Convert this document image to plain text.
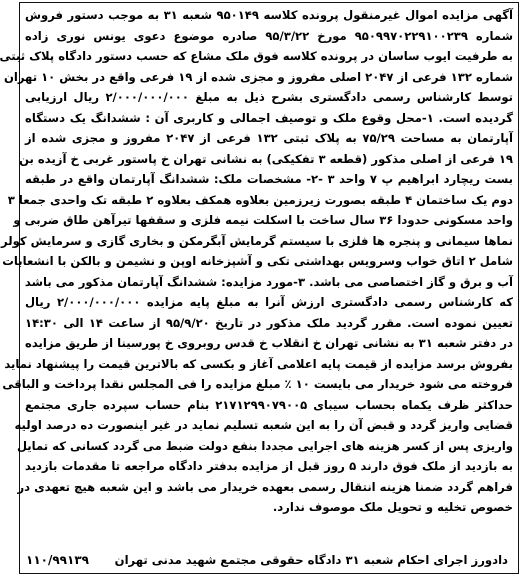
آگهی مزایده اموال غیرمنقول پرونده کلاسه ۹۵۰۱۴۹ شعبه ۳۱ به موجب دستور فروش
شماره ۹۵۰۹۹۷۰۲۲۹۱۰۰۲۳۹ مورخ ۹۵/۳/۲۲ صادره موضوع دعوی یونس نوری زاده
به طرفیت ایوب ساسان در پرونده کلاسه فوق ملک مشاع که حسب دستور دادگاه پلاک ثبتی
شماره ۱۳۲ فرعی از ۲۰۴۷ اصلی مفروز و مجزی شده از ۱۹ فرعی واقع در بخش ۱۰ تهران
توسط کارشناس رسمی دادگستری بشرح ذیل به مبلغ ۲/۰۰۰/۰۰۰/۰۰۰ ریال ارزیابی
گردیده است. ۱-محل وقوع ملک و توصیف اجمالی و کاربری آن : ششدانگ یک دستگاه
آپارتمان به مساحت ۷۵/۲۹ به پلاک ثبتی ۱۳۲ فرعی از ۲۰۴۷ مفروز و مجزی شده از
۱۹ فرعی از اصلی مذکور (قطعه ۳ تفکیکی) به نشانی تهران خ پاستور غربی خ آزیده بن
بست ریچارد ابراهیم پ ۷ واحد ۳ -۲- مشخصات ملک: ششدانگ آپارتمان واقع در طبقه
دوم یک ساختمان ۴ طبقه بصورت زیرزمین بعلاوه همکف بعلاوه ۲ طبقه تک واحدی جمعا ۳
واحد مسکونی حدودا ۳۶ سال ساخت با اسکلت نیمه فلزی و سقفها تیرآهن طاق ضربی و
نماها سیمانی و پنجره ها فلزی با سیستم گرمایش آبگرمکن و بخاری گازی و سرمایش کولر
شامل ۲ اتاق خواب وسرویس بهداشتی تکی و آشپزخانه اوپن و نشیمن و بالکن با انشعابات
آب و برق و گاز اختصاصی می باشد. ۳-مورد مزایده: ششدانگ آپارتمان مذکور می باشد
که کارشناس رسمی دادگستری ارزش آنرا به مبلغ پایه مزایده ۲/۰۰۰/۰۰۰/۰۰۰ ریال
تعیین نموده است. مقرر گردید ملک مذکور در تاریخ ۹۵/۹/۲۰ از ساعت ۱۴ الی ۱۴:۳۰
در دفتر شعبه ۳۱ به نشانی تهران خ انقلاب خ قدس روبروی خ پورسینا از طریق مزایده
بفروش برسد مزایده از قیمت پایه اعلامی آغاز و بکسی که بالاترین قیمت را پیشنهاد نماید
فروخته می شود خریدار می بایست ۱۰ ٪ مبلغ مزایده را فی المجلس نقدا پرداخت و الباقی
حداکثر ظرف یکماه بحساب سیبای ۲۱۷۱۲۹۹۰۷۹۰۰۵ بنام حساب سپرده جاری مجتمع
قضایی واریز گردد و قبض آن را به این شعبه تسلیم نماید در غیر اینصورت ده درصد اولیه
واریزی پس از کسر هزینه های اجرایی مجددا بنفع دولت ضبط می گردد کسانی که تمایل
به بازدید از ملک فوق دارند ۵ روز قبل از مزایده بدفتر دادگاه مراجعه تا مقدمات بازدید
فراهم گردد ضمنا هزینه انتقال رسمی بعهده خریدار می باشد و این شعبه هیچ تعهدی در
خصوص تخلیه و تحویل ملک موصوف ندارد.
دادورز اجرای احکام شعبه ۳۱ دادگاه حقوقی مجتمع شهید مدنی تهران
۱۱۰/۹۹۱۳۹
